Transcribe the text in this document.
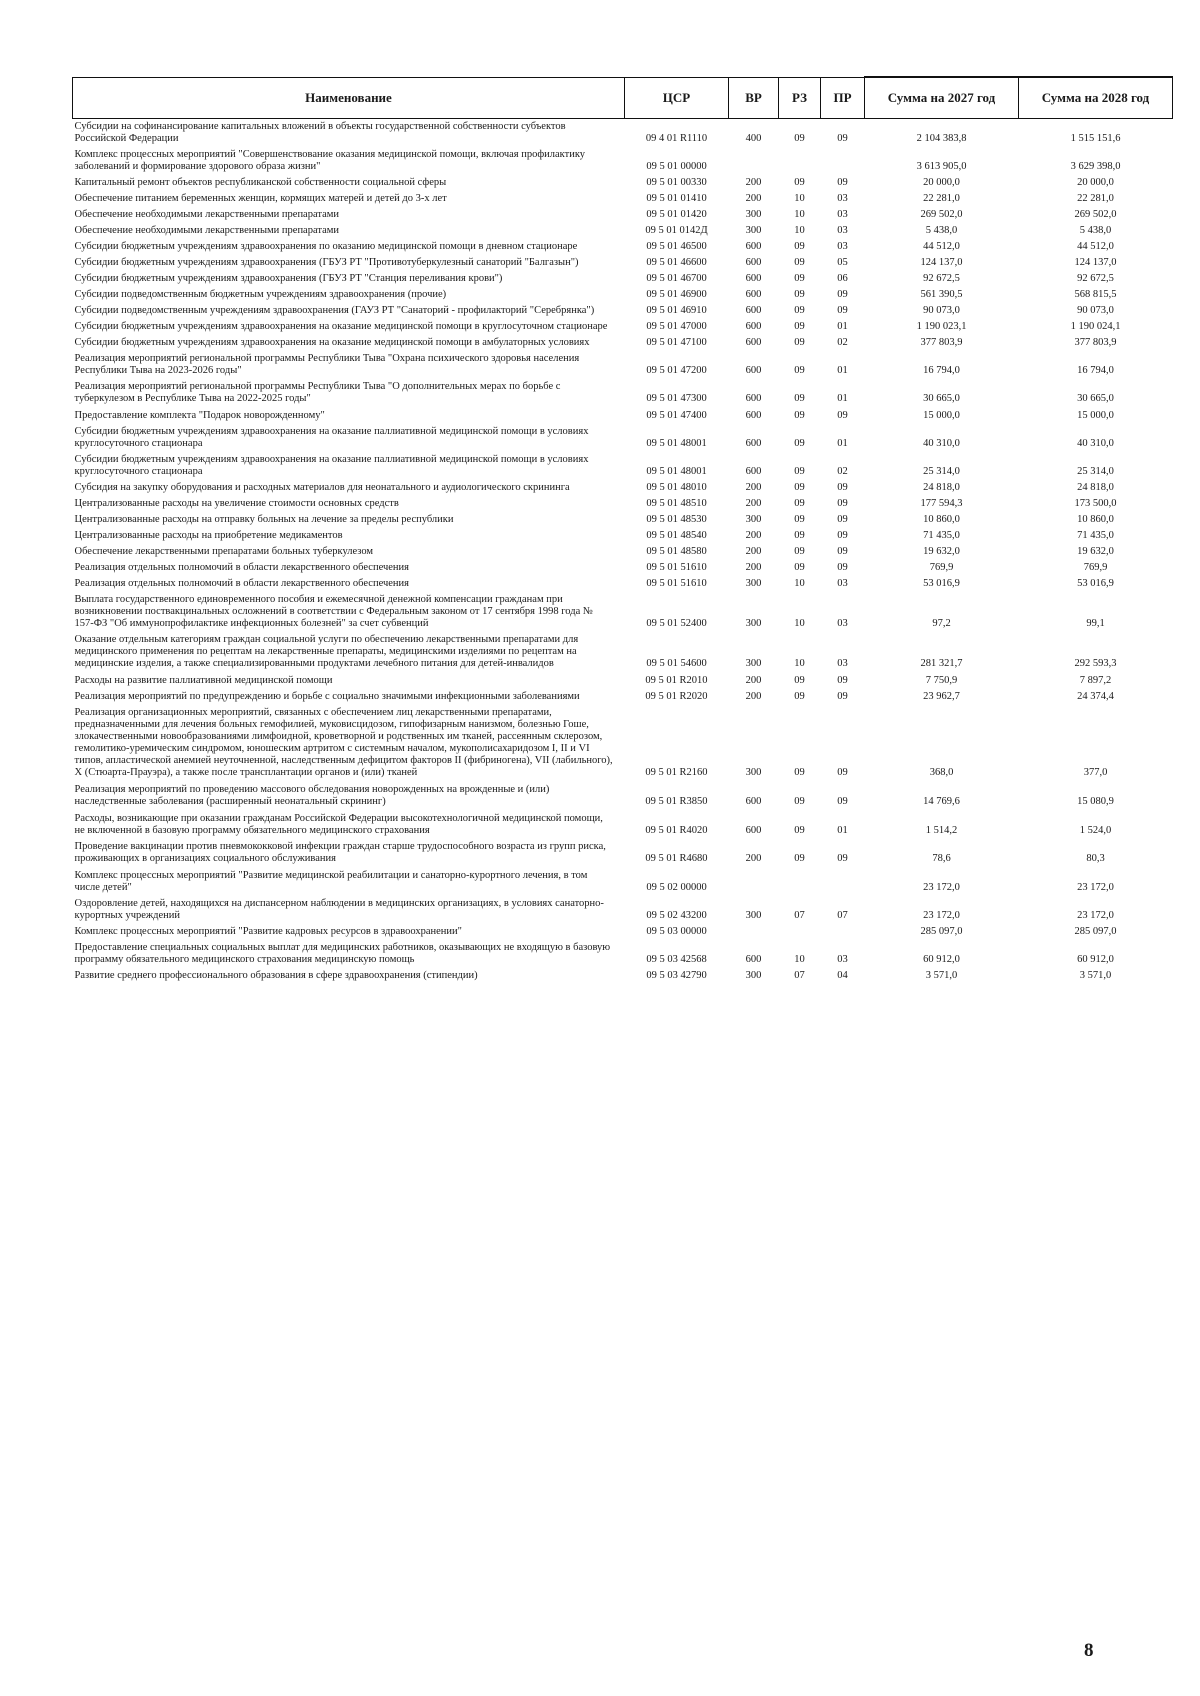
Наименование	ЦСР	ВР	РЗ	ПР	Сумма на 2027 год	Сумма на 2028 год
Субсидии на софинансирование капитальных вложений в объекты государственной собственности субъектов Российской Федерации	09 4 01 R1110	400	09	09	2 104 383,8	1 515 151,6
Комплекс процессных мероприятий "Совершенствование оказания медицинской помощи, включая профилактику заболеваний и формирование здорового образа жизни"	09 5 01 00000				3 613 905,0	3 629 398,0
Капитальный ремонт объектов республиканской собственности социальной сферы	09 5 01 00330	200	09	09	20 000,0	20 000,0
Обеспечение питанием беременных женщин, кормящих матерей и детей до 3-х лет	09 5 01 01410	200	10	03	22 281,0	22 281,0
Обеспечение необходимыми лекарственными препаратами	09 5 01 01420	300	10	03	269 502,0	269 502,0
Обеспечение необходимыми лекарственными препаратами	09 5 01 0142Д	300	10	03	5 438,0	5 438,0
Субсидии бюджетным учреждениям здравоохранения по оказанию медицинской помощи в дневном стационаре	09 5 01 46500	600	09	03	44 512,0	44 512,0
Субсидии бюджетным учреждениям здравоохранения (ГБУЗ РТ "Противотуберкулезный санаторий "Балгазын")	09 5 01 46600	600	09	05	124 137,0	124 137,0
Субсидии бюджетным учреждениям здравоохранения (ГБУЗ РТ "Станция переливания крови")	09 5 01 46700	600	09	06	92 672,5	92 672,5
Субсидии подведомственным бюджетным учреждениям здравоохранения (прочие)	09 5 01 46900	600	09	09	561 390,5	568 815,5
Субсидии подведомственным учреждениям здравоохранения (ГАУЗ РТ "Санаторий - профилакторий "Серебрянка")	09 5 01 46910	600	09	09	90 073,0	90 073,0
Субсидии бюджетным учреждениям здравоохранения на оказание медицинской помощи в круглосуточном стационаре	09 5 01 47000	600	09	01	1 190 023,1	1 190 024,1
Субсидии бюджетным учреждениям здравоохранения на оказание медицинской помощи в амбулаторных условиях	09 5 01 47100	600	09	02	377 803,9	377 803,9
Реализация мероприятий региональной программы Республики Тыва "Охрана психического здоровья населения Республики Тыва на 2023-2026 годы"	09 5 01 47200	600	09	01	16 794,0	16 794,0
Реализация мероприятий региональной программы Республики Тыва "О дополнительных мерах по борьбе с туберкулезом в Республике Тыва на 2022-2025 годы"	09 5 01 47300	600	09	01	30 665,0	30 665,0
Предоставление комплекта "Подарок новорожденному"	09 5 01 47400	600	09	09	15 000,0	15 000,0
Субсидии бюджетным учреждениям здравоохранения на оказание паллиативной медицинской помощи в условиях круглосуточного стационара	09 5 01 48001	600	09	01	40 310,0	40 310,0
Субсидии бюджетным учреждениям здравоохранения на оказание паллиативной медицинской помощи в условиях круглосуточного стационара	09 5 01 48001	600	09	02	25 314,0	25 314,0
Субсидия на закупку оборудования и расходных материалов для неонатального и аудиологического скрининга	09 5 01 48010	200	09	09	24 818,0	24 818,0
Централизованные расходы на увеличение стоимости основных средств	09 5 01 48510	200	09	09	177 594,3	173 500,0
Централизованные расходы на отправку больных на лечение за пределы республики	09 5 01 48530	300	09	09	10 860,0	10 860,0
Централизованные расходы на приобретение медикаментов	09 5 01 48540	200	09	09	71 435,0	71 435,0
Обеспечение лекарственными препаратами больных туберкулезом	09 5 01 48580	200	09	09	19 632,0	19 632,0
Реализация отдельных полномочий в области лекарственного обеспечения	09 5 01 51610	200	09	09	769,9	769,9
Реализация отдельных полномочий в области лекарственного обеспечения	09 5 01 51610	300	10	03	53 016,9	53 016,9
Выплата государственного единовременного пособия и ежемесячной денежной компенсации гражданам при возникновении поствакцинальных осложнений в соответствии с Федеральным законом от 17 сентября 1998 года № 157-ФЗ "Об иммунопрофилактике инфекционных болезней" за счет субвенций	09 5 01 52400	300	10	03	97,2	99,1
Оказание отдельным категориям граждан социальной услуги по обеспечению лекарственными препаратами для медицинского применения по рецептам на лекарственные препараты, медицинскими изделиями по рецептам на медицинские изделия, а также специализированными продуктами лечебного питания для детей-инвалидов	09 5 01 54600	300	10	03	281 321,7	292 593,3
Расходы на развитие паллиативной медицинской помощи	09 5 01 R2010	200	09	09	7 750,9	7 897,2
Реализация мероприятий по предупреждению и борьбе с социально значимыми инфекционными заболеваниями	09 5 01 R2020	200	09	09	23 962,7	24 374,4
Реализация организационных мероприятий, связанных с обеспечением лиц лекарственными препаратами, предназначенными для лечения больных гемофилией, муковисцидозом, гипофизарным нанизмом, болезнью Гоше, злокачественными новообразованиями лимфоидной, кроветворной и родственных им тканей, рассеянным склерозом, гемолитико-уремическим синдромом, юношеским артритом с системным началом, мукополисахаридозом I, II и VI типов, апластической анемией неуточненной, наследственным дефицитом факторов II (фибриногена), VII (лабильного), X (Стюарта-Прауэра), а также после трансплантации органов и (или) тканей	09 5 01 R2160	300	09	09	368,0	377,0
Реализация мероприятий по проведению массового обследования новорожденных на врожденные и (или) наследственные заболевания (расширенный неонатальный скрининг)	09 5 01 R3850	600	09	09	14 769,6	15 080,9
Расходы, возникающие при оказании гражданам Российской Федерации высокотехнологичной медицинской помощи, не включенной в базовую программу обязательного медицинского страхования	09 5 01 R4020	600	09	01	1 514,2	1 524,0
Проведение вакцинации против пневмококковой инфекции граждан старше трудоспособного возраста из групп риска, проживающих в организациях социального обслуживания	09 5 01 R4680	200	09	09	78,6	80,3
Комплекс процессных мероприятий "Развитие медицинской реабилитации и санаторно-курортного лечения, в том числе детей"	09 5 02 00000				23 172,0	23 172,0
Оздоровление детей, находящихся на диспансерном наблюдении в медицинских организациях, в условиях санаторно-курортных учреждений	09 5 02 43200	300	07	07	23 172,0	23 172,0
Комплекс процессных мероприятий "Развитие кадровых ресурсов в здравоохранении"	09 5 03 00000				285 097,0	285 097,0
Предоставление специальных социальных выплат для медицинских работников, оказывающих не входящую в базовую программу обязательного медицинского страхования медицинскую помощь	09 5 03 42568	600	10	03	60 912,0	60 912,0
Развитие среднего профессионального образования в сфере здравоохранения (стипендии)	09 5 03 42790	300	07	04	3 571,0	3 571,0
8
